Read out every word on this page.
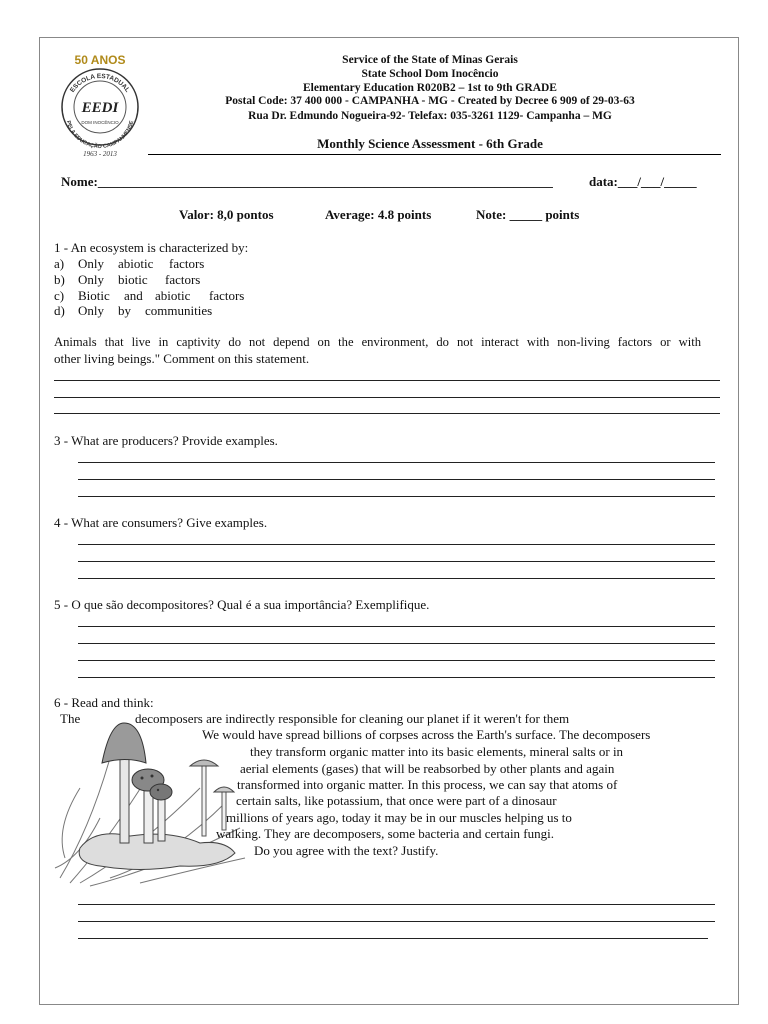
50 ANOS
ESCOLA ESTADUAL
PELA EDUCAÇÃO CAMPANHENSE
EEDI
DOM INOCÊNCIO
1963 - 2013
Service of the State of Minas Gerais
State School Dom Inocêncio
Elementary Education R020B2 – 1st to 9th GRADE
Postal Code: 37 400 000 - CAMPANHA - MG - Created by Decree 6 909 of 29-03-63
Rua Dr. Edmundo Nogueira-92- Telefax: 035-3261 1129- Campanha – MG
Monthly Science Assessment - 6th Grade
Nome:______________________________________________________________________	data:___/___/_____
Valor: 8,0 pontos	Average: 4.8 points	Note: _____ points
1 - An ecosystem is characterized by:
a) Only abiotic factors
b) Only biotic factors
c) Biotic and abiotic factors
d) Only by communities
Animals that live in captivity do not depend on the environment, do not interact with non-living factors or with
other living beings." Comment on this statement.
3 - What are producers? Provide examples.
4 - What are consumers? Give examples.
5 - O que são decompositores? Qual é a sua importância? Exemplifique.
6 - Read and think:
The	decomposers are indirectly responsible for cleaning our planet if it weren't for them
We would have spread billions of corpses across the Earth's surface. The decomposers
they transform organic matter into its basic elements, mineral salts or in
aerial elements (gases) that will be reabsorbed by other plants and again
transformed into organic matter. In this process, we can say that atoms of
certain salts, like potassium, that once were part of a dinosaur
millions of years ago, today it may be in our muscles helping us to
walking. They are decomposers, some bacteria and certain fungi.
Do you agree with the text? Justify.
